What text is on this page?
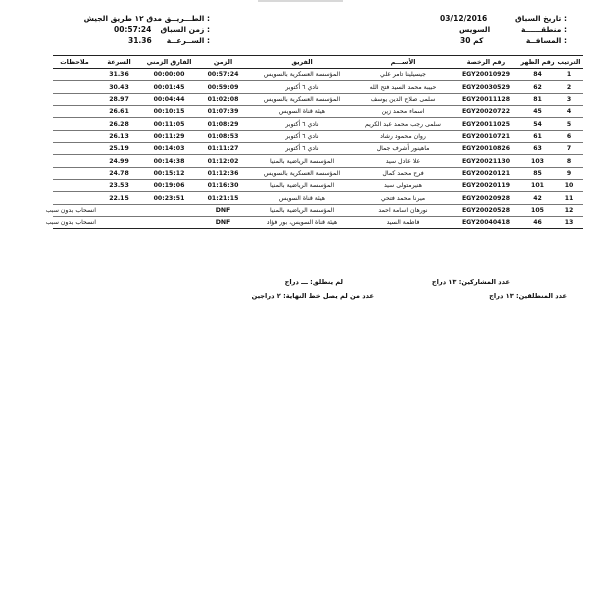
تاريخ السباق :
03/12/2016
منطقــــــة :
السويس
المسافــة :
30 كم
الطـــريــق :
مدق ١٢ طريق الجيش
زمن السباق :
00:57:24
الســرعــة :
31.36
الترتيب	رقم الظهر	رقم الرخصة	الأســـم	الفريق	الزمن	الفارق الزمني	السرعة	ملاحظات
1	84	EGY20010929	جيسيلينا تامر علي	المؤسسة العسكرية بالسويس	00:57:24	00:00:00	31.36	
2	62	EGY20030529	حبيبة محمد السيد فتح الله	نادي ٦ أكتوبر	00:59:09	00:01:45	30.43	
3	81	EGY20011128	سلمى صلاح الدين يوسف	المؤسسة العسكرية بالسويس	01:02:08	00:04:44	28.97	
4	45	EGY20020722	اسماء محمد زين	هيئة قناة السويس	01:07:39	00:10:15	26.61	
5	54	EGY20011025	سلمى رجب محمد عبد الكريم	نادي ٦ أكتوبر	01:08:29	00:11:05	26.28	
6	61	EGY20010721	روان محمود رشاد	نادي ٦ أكتوبر	01:08:53	00:11:29	26.13	
7	63	EGY20010826	ماهينور أشرف جمال	نادي ٦ أكتوبر	01:11:27	00:14:03	25.19	
8	103	EGY20021130	علا عادل سيد	المؤسسة الرياضية بالمنيا	01:12:02	00:14:38	24.99	
9	85	EGY20020121	فرح محمد كمال	المؤسسة العسكرية بالسويس	01:12:36	00:15:12	24.78	
10	101	EGY20020119	هنيرمتولى سيد	المؤسسة الرياضية بالمنيا	01:16:30	00:19:06	23.53	
11	42	EGY20020928	ميرنا محمد فتحي	هيئة قناة السويس	01:21:15	00:23:51	22.15	
12	105	EGY20020528	نورهان اسامة احمد	المؤسسة الرياضية بالمنيا	DNF			انسحاب بدون سبب
13	46	EGY20040418	فاطمة السيد	هيئة قناة السويس، بور فؤاد	DNF			انسحاب بدون سبب
عدد المشاركين: ١٣ دراج
لم ينطلق: ـــ دراج
عدد المنطلقين: ١٣ دراج
عدد من لم يصل خط النهاية: ٢ دراجين
